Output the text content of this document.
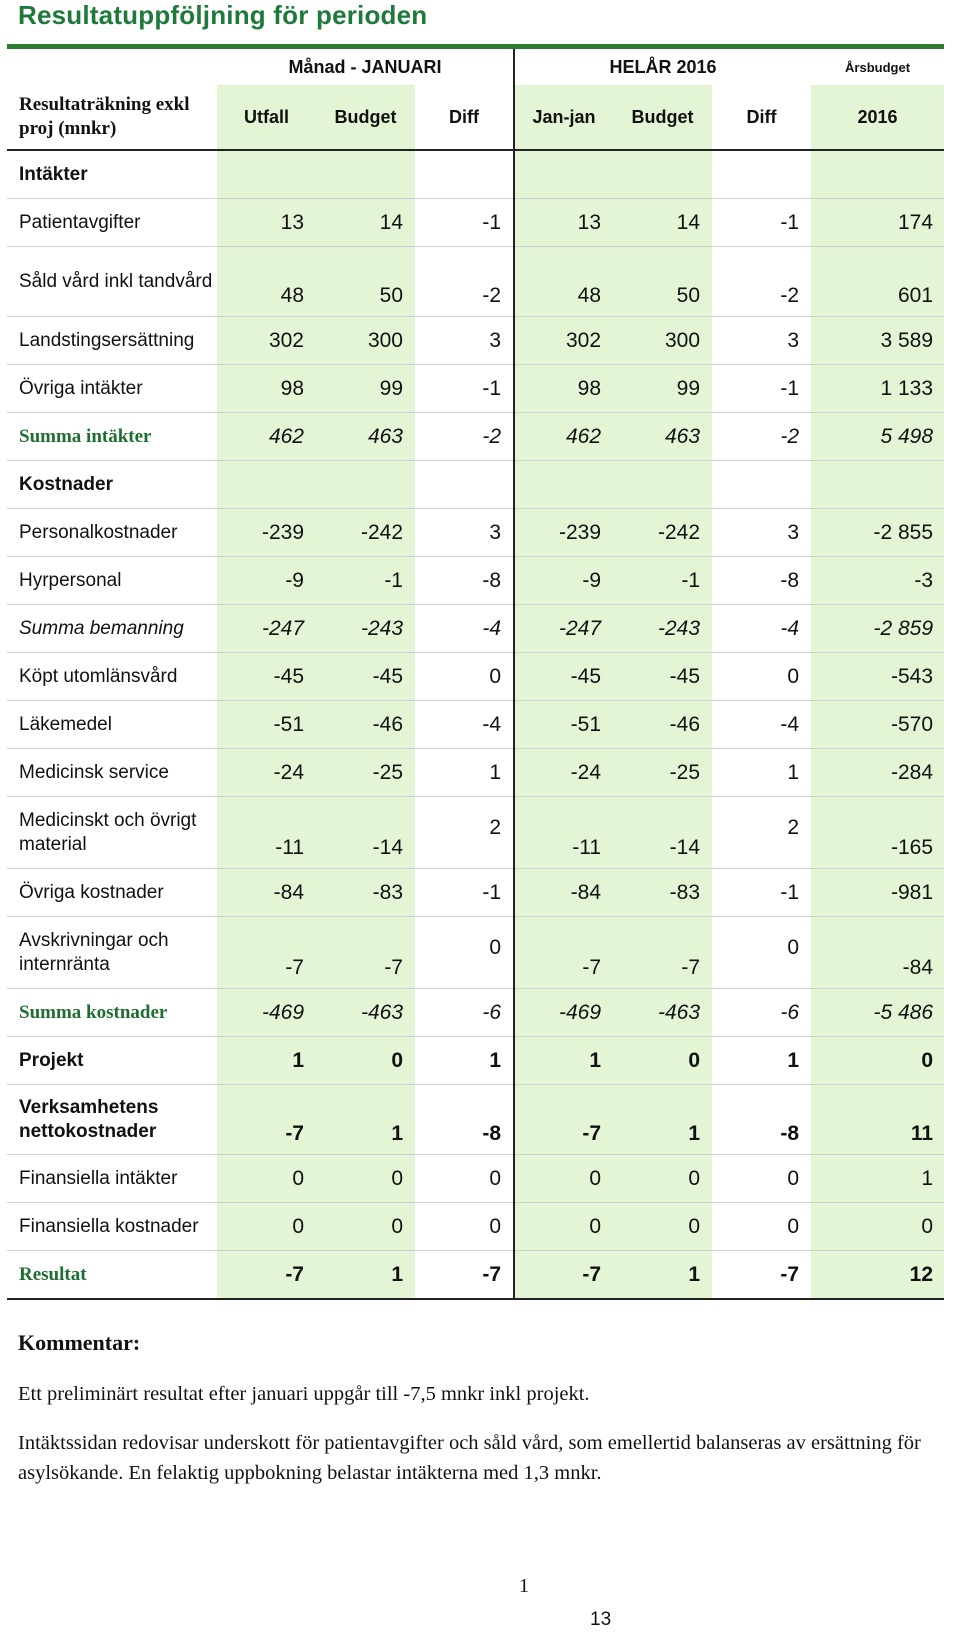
Resultatuppföljning för perioden
	Månad - JANUARI			HELÅR 2016			Årsbudget
Resultaträkning exkl proj (mnkr)	Utfall	Budget	Diff	Jan-jan	Budget	Diff	2016
Intäkter							
Patientavgifter	13	14	-1	13	14	-1	174
Såld vård inkl tandvård	48	50	-2	48	50	-2	601
Landstingsersättning	302	300	3	302	300	3	3 589
Övriga intäkter	98	99	-1	98	99	-1	1 133
Summa intäkter	462	463	-2	462	463	-2	5 498
Kostnader							
Personalkostnader	-239	-242	3	-239	-242	3	-2 855
Hyrpersonal	-9	-1	-8	-9	-1	-8	-3
Summa bemanning	-247	-243	-4	-247	-243	-4	-2 859
Köpt utomlänsvård	-45	-45	0	-45	-45	0	-543
Läkemedel	-51	-46	-4	-51	-46	-4	-570
Medicinsk service	-24	-25	1	-24	-25	1	-284
Medicinskt och övrigt material	-11	-14	2	-11	-14	2	-165
Övriga kostnader	-84	-83	-1	-84	-83	-1	-981
Avskrivningar och internränta	-7	-7	0	-7	-7	0	-84
Summa kostnader	-469	-463	-6	-469	-463	-6	-5 486
Projekt	1	0	1	1	0	1	0
Verksamhetens nettokostnader	-7	1	-8	-7	1	-8	11
Finansiella intäkter	0	0	0	0	0	0	1
Finansiella kostnader	0	0	0	0	0	0	0
Resultat	-7	1	-7	-7	1	-7	12
Kommentar:
Ett preliminärt resultat efter januari uppgår till -7,5 mnkr inkl projekt.
Intäktssidan redovisar underskott för patientavgifter och såld vård, som emellertid balanseras av ersättning för asylsökande. En felaktig uppbokning belastar intäkterna med 1,3 mnkr.
1
13
